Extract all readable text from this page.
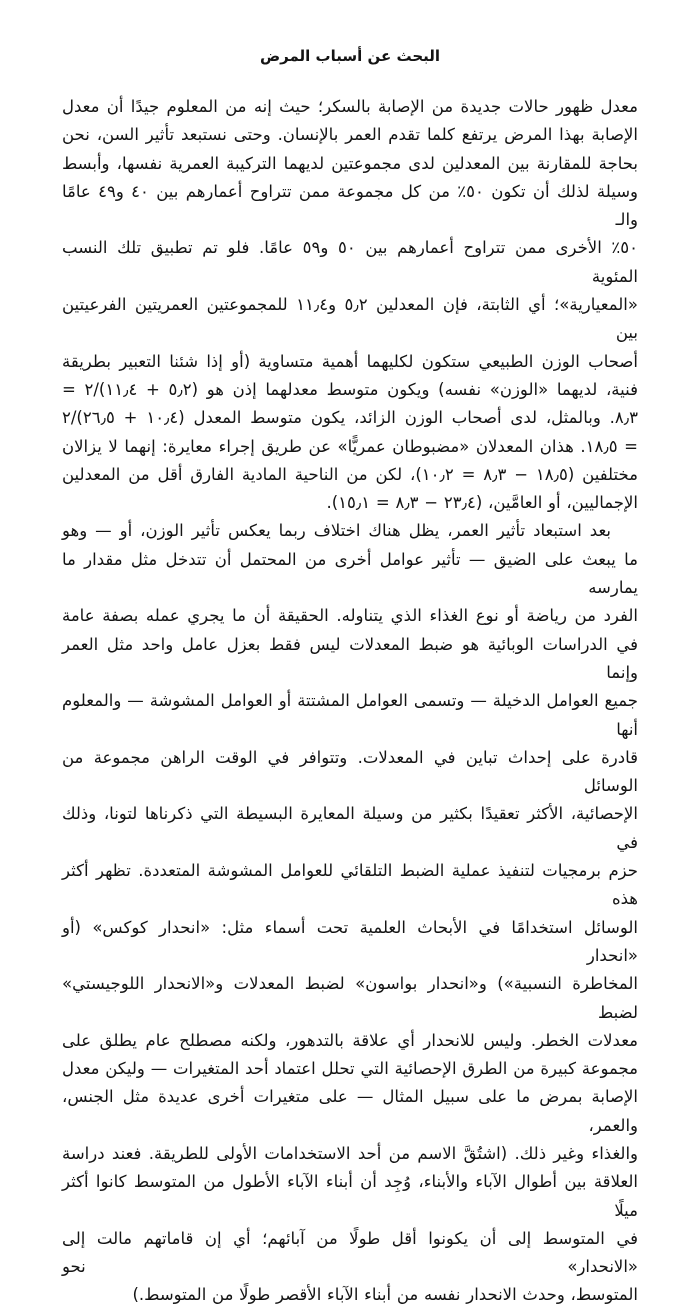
البحث عن أسباب المرض
معدل ظهور حالات جديدة من الإصابة بالسكر؛ حيث إنه من المعلوم جيدًا أن معدل
الإصابة بهذا المرض يرتفع كلما تقدم العمر بالإنسان. وحتى نستبعد تأثير السن، نحن
بحاجة للمقارنة بين المعدلين لدى مجموعتين لديهما التركيبة العمرية نفسها، وأبسط
وسيلة لذلك أن تكون ٥٠٪ من كل مجموعة ممن تتراوح أعمارهم بين ٤٠ و٤٩ عامًا والـ
٥٠٪ الأخرى ممن تتراوح أعمارهم بين ٥٠ و٥٩ عامًا. فلو تم تطبيق تلك النسب المئوية
«المعيارية»؛ أي الثابتة، فإن المعدلين ٥٫٢ و١١٫٤ للمجموعتين العمريتين الفرعيتين بين
أصحاب الوزن الطبيعي ستكون لكليهما أهمية متساوية (أو إذا شئنا التعبير بطريقة
فنية، لديهما «الوزن» نفسه) ويكون متوسط معدلهما إذن هو (٥٫٢ + ١١٫٤)/٢ =
٨٫٣. وبالمثل، لدى أصحاب الوزن الزائد، يكون متوسط المعدل (١٠٫٤ + ٢٦٫٥)/٢
= ١٨٫٥. هذان المعدلان «مضبوطان عمريًّا» عن طريق إجراء معايرة: إنهما لا يزالان
مختلفين (١٨٫٥ − ٨٫٣ = ١٠٫٢)، لكن من الناحية المادية الفارق أقل من المعدلين
الإجماليين، أو العامَّين، (٢٣٫٤ − ٨٫٣ = ١٥٫١).
بعد استبعاد تأثير العمر، يظل هناك اختلاف ربما يعكس تأثير الوزن، أو — وهو
ما يبعث على الضيق — تأثير عوامل أخرى من المحتمل أن تتدخل مثل مقدار ما يمارسه
الفرد من رياضة أو نوع الغذاء الذي يتناوله. الحقيقة أن ما يجري عمله بصفة عامة
في الدراسات الوبائية هو ضبط المعدلات ليس فقط بعزل عامل واحد مثل العمر وإنما
جميع العوامل الدخيلة — وتسمى العوامل المشتتة أو العوامل المشوشة — والمعلوم أنها
قادرة على إحداث تباين في المعدلات. وتتوافر في الوقت الراهن مجموعة من الوسائل
الإحصائية، الأكثر تعقيدًا بكثير من وسيلة المعايرة البسيطة التي ذكرناها لتونا، وذلك في
حزم برمجيات لتنفيذ عملية الضبط التلقائي للعوامل المشوشة المتعددة. تظهر أكثر هذه
الوسائل استخدامًا في الأبحاث العلمية تحت أسماء مثل: «انحدار كوكس» (أو «انحدار
المخاطرة النسبية») و«انحدار بواسون» لضبط المعدلات و«الانحدار اللوجيستي» لضبط
معدلات الخطر. وليس للانحدار أي علاقة بالتدهور، ولكنه مصطلح عام يطلق على
مجموعة كبيرة من الطرق الإحصائية التي تحلل اعتماد أحد المتغيرات — وليكن معدل
الإصابة بمرض ما على سبيل المثال — على متغيرات أخرى عديدة مثل الجنس، والعمر،
والغذاء وغير ذلك. (اشتُقَّ الاسم من أحد الاستخدامات الأولى للطريقة. فعند دراسة
العلاقة بين أطوال الآباء والأبناء، وُجِد أن أبناء الآباء الأطول من المتوسط كانوا أكثر ميلًا
في المتوسط إلى أن يكونوا أقل طولًا من آبائهم؛ أي إن قاماتهم مالت إلى «الانحدار» نحو
المتوسط، وحدث الانحدار نفسه من أبناء الآباء الأقصر طولًا من المتوسط.)
